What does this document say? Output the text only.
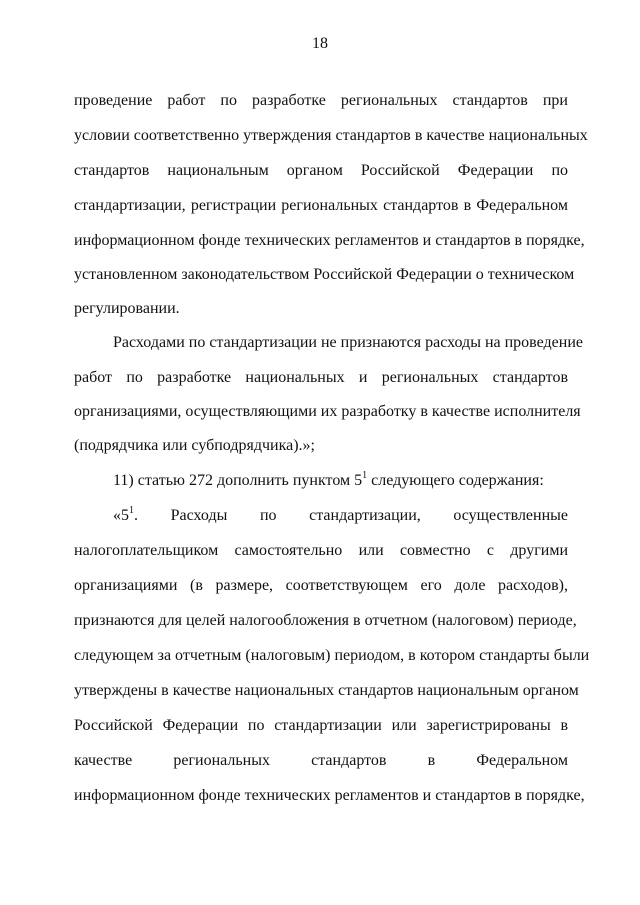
18
проведение работ по разработке региональных стандартов при
условии соответственно утверждения стандартов в качестве национальных
стандартов национальным органом Российской Федерации по
стандартизации, регистрации региональных стандартов в Федеральном
информационном фонде технических регламентов и стандартов в порядке,
установленном законодательством Российской Федерации о техническом
регулировании.
Расходами по стандартизации не признаются расходы на проведение
работ по разработке национальных и региональных стандартов
организациями, осуществляющими их разработку в качестве исполнителя
(подрядчика или субподрядчика).»;
11) статью 272 дополнить пунктом $5^1$ следующего содержания:
«$5^1$. Расходы по стандартизации, осуществленные
налогоплательщиком самостоятельно или совместно с другими
организациями (в размере, соответствующем его доле расходов),
признаются для целей налогообложения в отчетном (налоговом) периоде,
следующем за отчетным (налоговым) периодом, в котором стандарты были
утверждены в качестве национальных стандартов национальным органом
Российской Федерации по стандартизации или зарегистрированы в
качестве региональных стандартов в Федеральном
информационном фонде технических регламентов и стандартов в порядке,
